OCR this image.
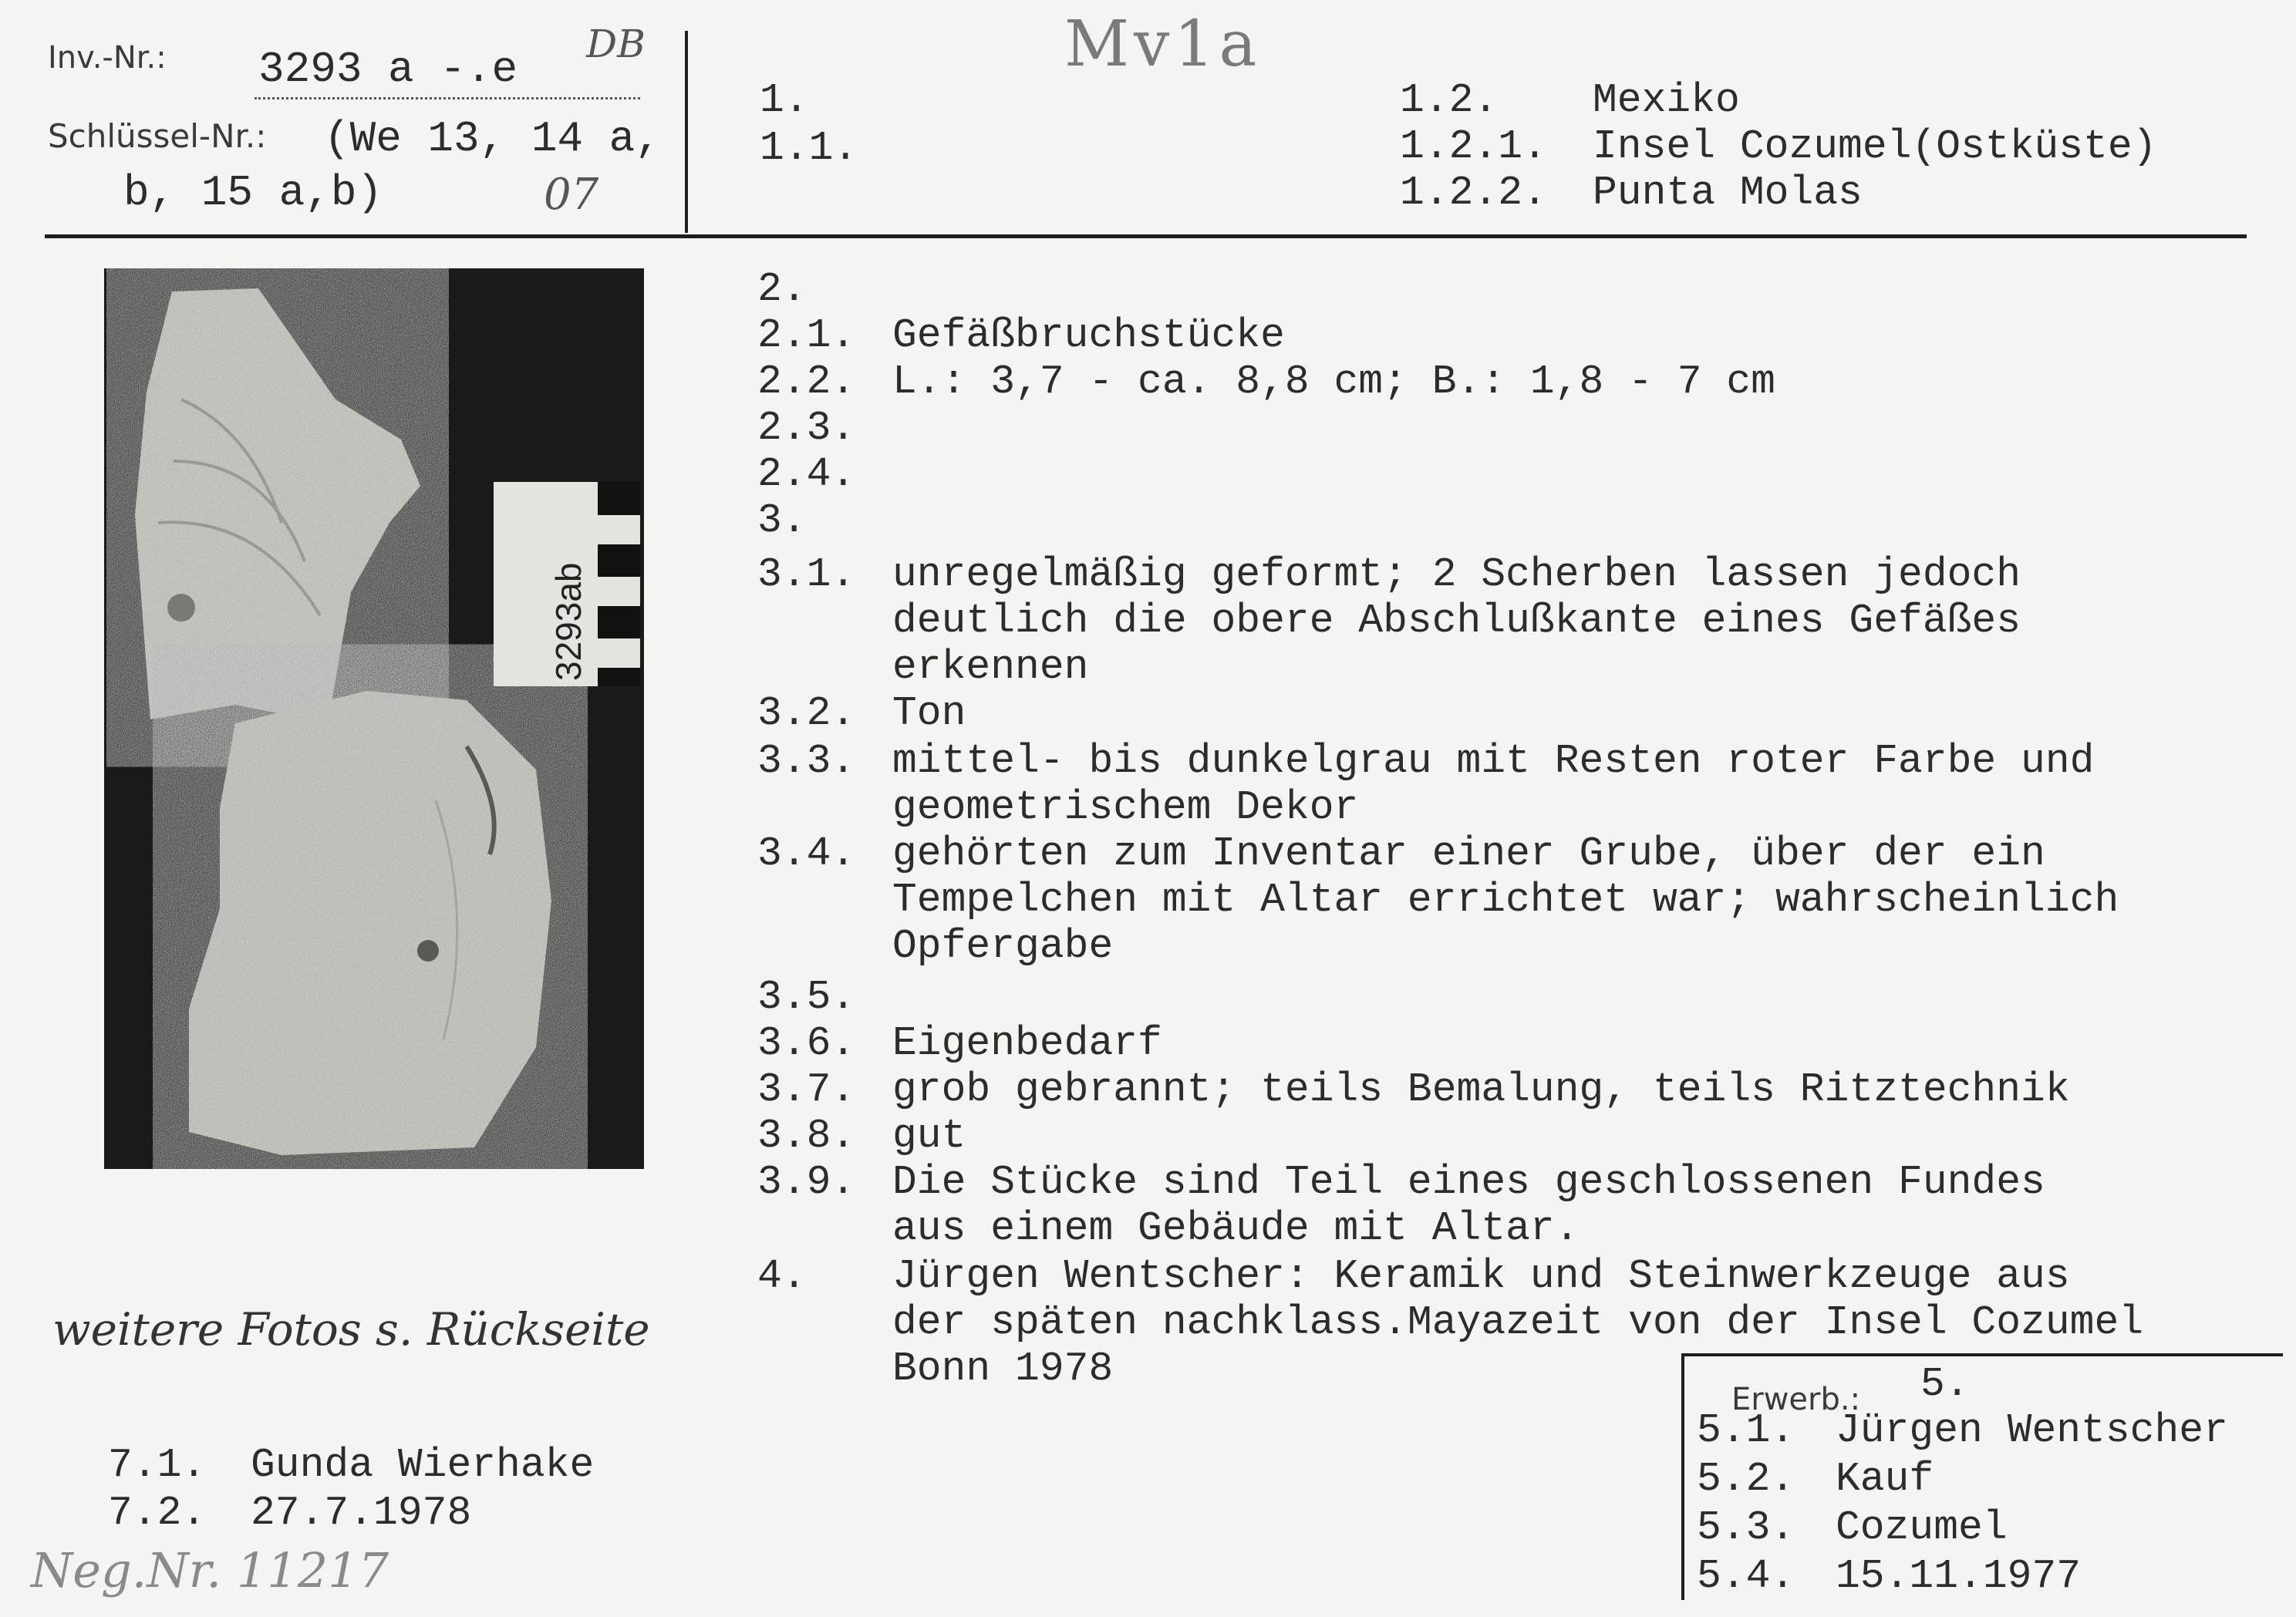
Inv.-Nr.: 3293 a -.e
DB
Schlüssel-Nr.: (We 13, 14 a,
b, 15 a,b)	07
Mv1a
1.
1.1.
1.2.	Mexiko
1.2.1.	Insel Cozumel(Ostküste)
1.2.2.	Punta Molas
3293ab

2.

2.1. Gefäßbruchstücke

2.2. L.: 3,7 - ca. 8,8 cm; B.: 1,8 - 7 cm

2.3.

2.4.

3.

3.1. unregelmäßig geformt; 2 Scherben lassen jedoch

deutlich die obere Abschlußkante eines Gefäßes

erkennen

3.2. Ton

3.3. mittel- bis dunkelgrau mit Resten roter Farbe und

geometrischem Dekor

3.4. gehörten zum Inventar einer Grube, über der ein

Tempelchen mit Altar errichtet war; wahrscheinlich

Opfergabe

3.5.

3.6. Eigenbedarf

3.7. grob gebrannt; teils Bemalung, teils Ritztechnik

3.8. gut

3.9. Die Stücke sind Teil eines geschlossenen Fundes

aus einem Gebäude mit Altar.

4.	Jürgen Wentscher: Keramik und Steinwerkzeuge aus

der späten nachklass.Mayazeit von der Insel Cozumel

Bonn 1978

weitere Fotos s. Rückseite
7.1.	Gunda Wierhake
7.2.	27.7.1978
Neg.Nr. 11217
Erwerb.: 5.
5.1. Jürgen Wentscher
5.2. Kauf
5.3. Cozumel
5.4. 15.11.1977
